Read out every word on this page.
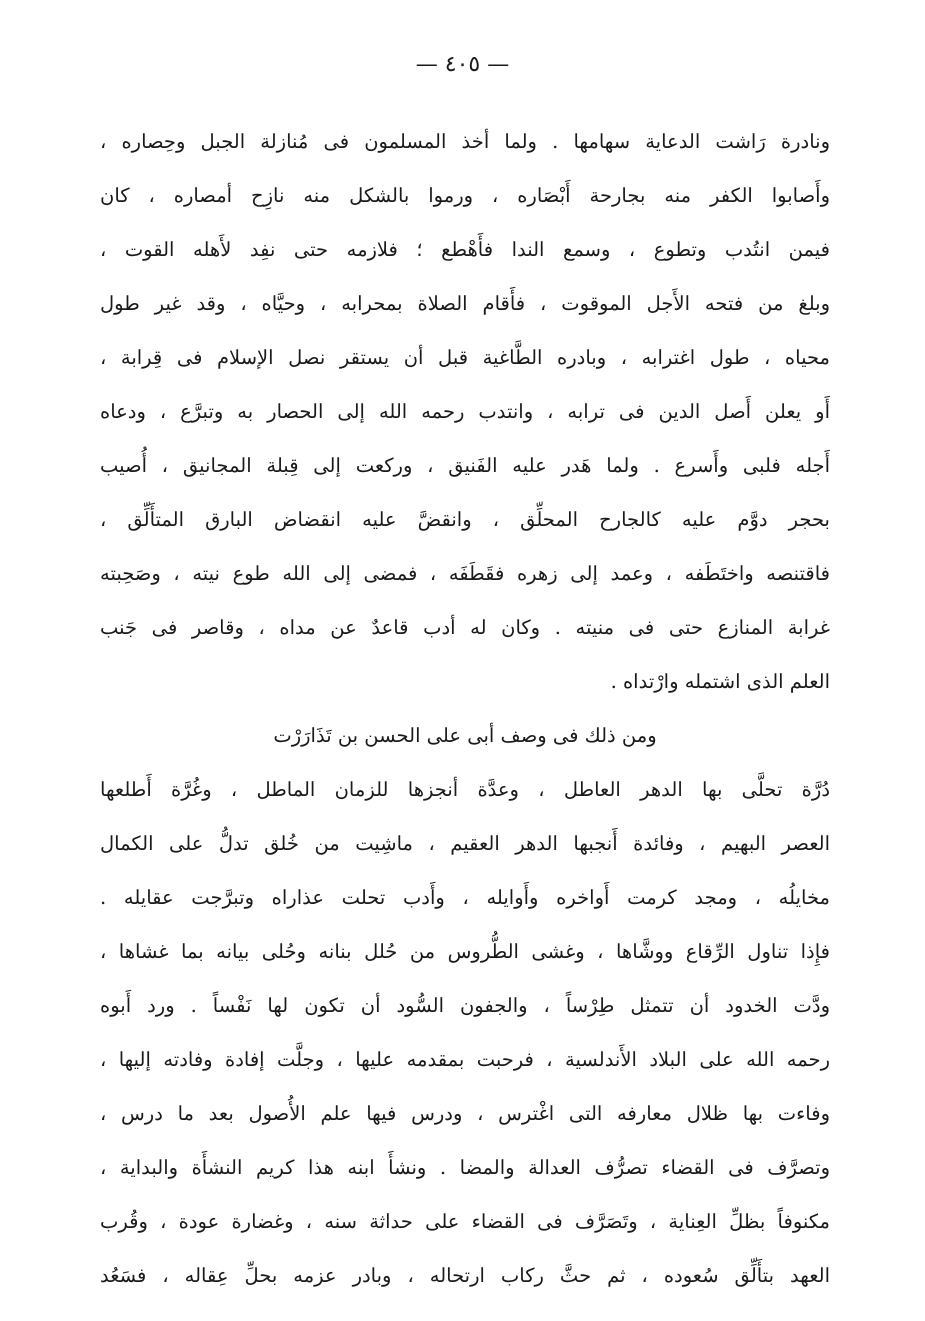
— ٤٠٥ —
ونادرة رَاشت الدعاية سهامها . ولما أخذ المسلمون فى مُنازلة الجبل وحِصاره ،
وأَصابوا الكفر منه بجارحة أَبْصَاره ، ورموا بالشكل منه نازِح أمصاره ، كان
فيمن انتُدب وتطوع ، وسمع الندا فأَهْطع ؛ فلازمه حتى نفِد لأَهله القوت ،
وبلغ من فتحه الأَجل الموقوت ، فأَقام الصلاة بمحرابه ، وحيَّاه ، وقد غير طول
محياه ، طول اغترابه ، وبادره الطَّاغية قبل أن يستقر نصل الإسلام فى قِرابة ،
أَو يعلن أَصل الدين فى ترابه ، وانتدب رحمه الله إلى الحصار به وتبرَّع ، ودعاه
أَجله فلبى وأَسرع . ولما هَدر عليه الفَنيق ، وركعت إلى قِبلة المجانيق ، أُصيب
بحجر دوَّم عليه كالجارح المحلِّق ، وانقضَّ عليه انقضاض البارق المتأَلِّق ،
فاقتنصه واختَطَفه ، وعمد إلى زهره فقَطَفَه ، فمضى إلى الله طوع نيته ، وصَحِبته
غرابة المنازع حتى فى منيته . وكان له أدب قاعدٌ عن مداه ، وقاصر فى جَنب
العلم الذى اشتمله وارْتداه .
ومن ذلك فى وصف أبى على الحسن بن تَذَارَرْت
دُرَّة تحلَّى بها الدهر العاطل ، وعدَّة أنجزها للزمان الماطل ، وغُرَّة أَطلعها
العصر البهيم ، وفائدة أَنجبها الدهر العقيم ، ماشِيت من خُلق تدلُّ على الكمال
مخايلُه ، ومجد كرمت أَواخره وأَوايله ، وأَدب تحلت عذاراه وتبرَّجت عقايله .
فإِذا تناول الرِّقاع ووشَّاها ، وغشى الطُّروس من حُلل بنانه وحُلى بيانه بما غشاها ،
ودَّت الخدود أن تتمثل طِرْساً ، والجفون السُّود أن تكون لها نَفْساً . ورد أَبوه
رحمه الله على البلاد الأَندلسية ، فرحبت بمقدمه عليها ، وجلَّت إفادة وفادته إليها ،
وفاءت بها ظلال معارفه التى اغْترس ، ودرس فيها علم الأُصول بعد ما درس ،
وتصرَّف فى القضاء تصرُّف العدالة والمضا . ونشأَ ابنه هذا كريم النشأَة والبداية ،
مكنوفاً بظلِّ العِناية ، وتَصَرَّف فى القضاء على حداثة سنه ، وغضارة عودة ، وقُرب
العهد بتأَلِّق سُعوده ، ثم حثَّ ركاب ارتحاله ، وبادر عزمه بحلِّ عِقاله ، فسَعُد
